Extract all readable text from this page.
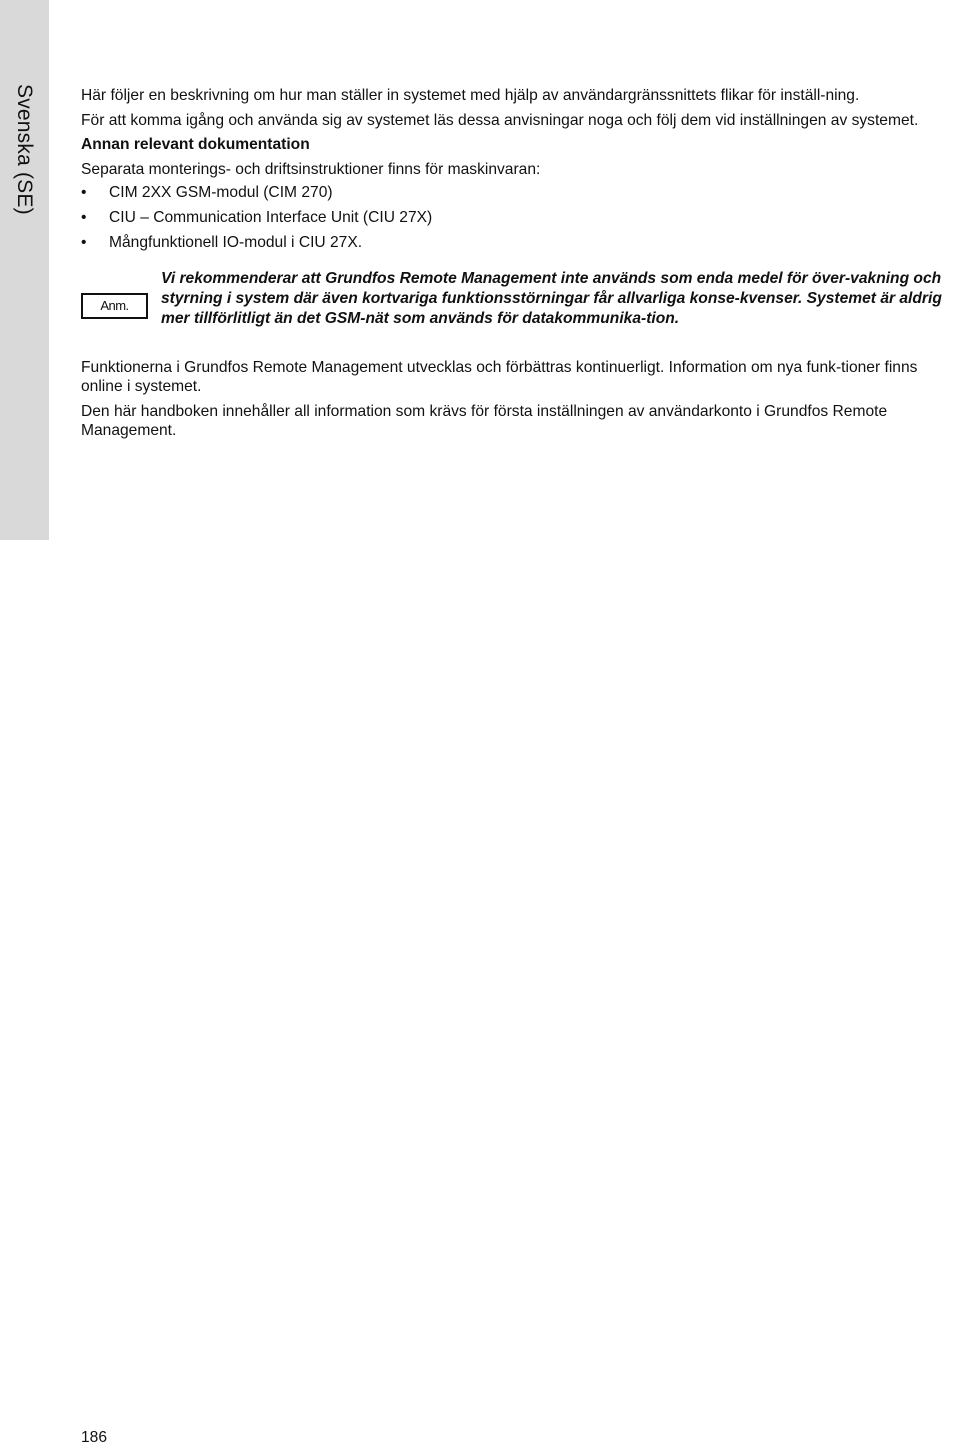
Svenska (SE)	Här följer en beskrivning om hur man ställer in systemet med hjälp av användargränssnittets flikar för inställ-ning.

För att komma igång och använda sig av systemet läs dessa anvisningar noga och följ dem vid inställningen av systemet.

Annan relevant dokumentation

Separata monterings- och driftsinstruktioner finns för maskinvaran:

• CIM 2XX GSM-modul (CIM 270)
• CIU – Communication Interface Unit (CIU 27X)
• Mångfunktionell IO-modul i CIU 27X.
Anm.

Vi rekommenderar att Grundfos Remote Management inte används som enda medel för över-vakning och styrning i system där även kortvariga funktionsstörningar får allvarliga konse-kvenser. Systemet är aldrig mer tillförlitligt än det GSM-nät som används för datakommunika-tion.

Funktionerna i Grundfos Remote Management utvecklas och förbättras kontinuerligt. Information om nya funk-tioner finns online i systemet.

Den här handboken innehåller all information som krävs för första inställningen av användarkonto i Grundfos Remote Management.

186
